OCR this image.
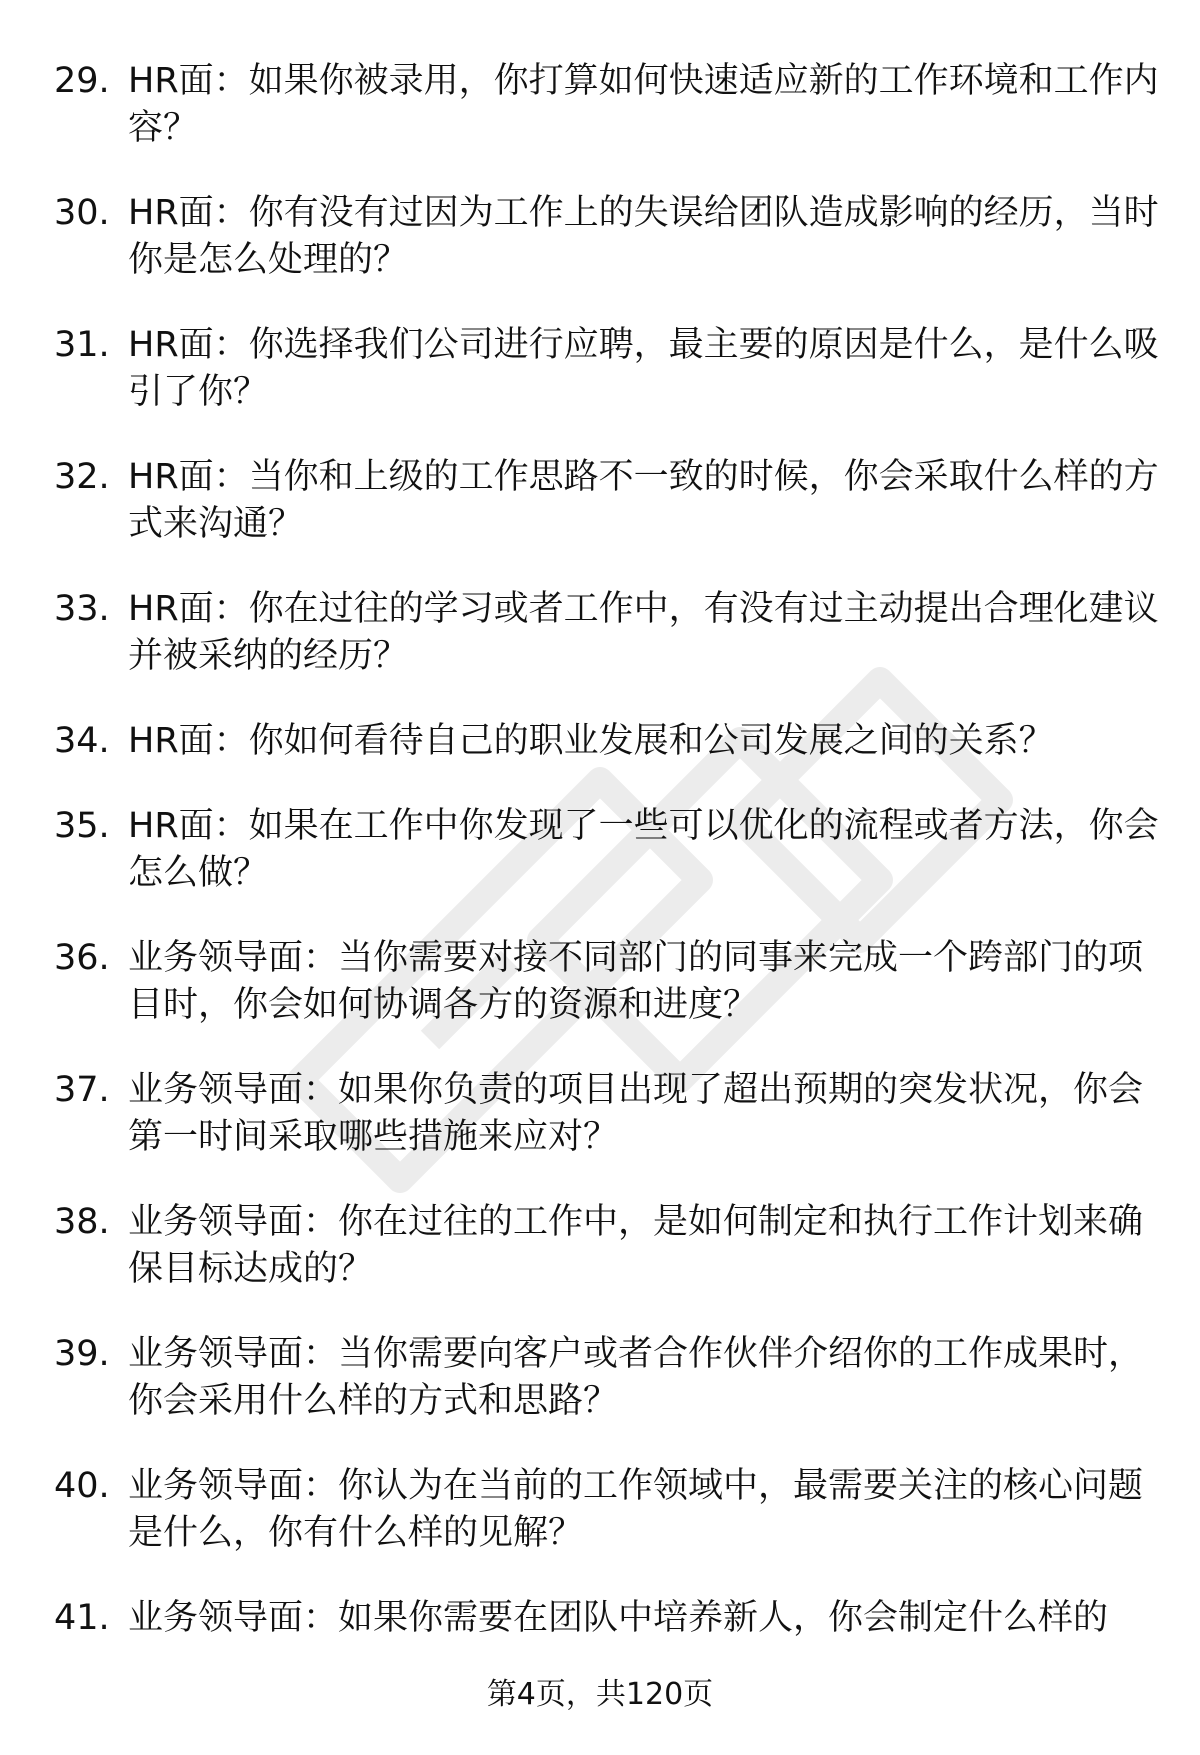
29. HR面：如果你被录用，你打算如何快速适应新的工作环境和工作内容？
30. HR面：你有没有过因为工作上的失误给团队造成影响的经历，当时你是怎么处理的？
31. HR面：你选择我们公司进行应聘，最主要的原因是什么，是什么吸引了你？
32. HR面：当你和上级的工作思路不一致的时候，你会采取什么样的方式来沟通？
33. HR面：你在过往的学习或者工作中，有没有过主动提出合理化建议并被采纳的经历？
34. HR面：你如何看待自己的职业发展和公司发展之间的关系？
35. HR面：如果在工作中你发现了一些可以优化的流程或者方法，你会怎么做？
36. 业务领导面：当你需要对接不同部门的同事来完成一个跨部门的项目时，你会如何协调各方的资源和进度？
37. 业务领导面：如果你负责的项目出现了超出预期的突发状况，你会第一时间采取哪些措施来应对？
38. 业务领导面：你在过往的工作中，是如何制定和执行工作计划来确保目标达成的？
39. 业务领导面：当你需要向客户或者合作伙伴介绍你的工作成果时，你会采用什么样的方式和思路？
40. 业务领导面：你认为在当前的工作领域中，最需要关注的核心问题是什么，你有什么样的见解？
41. 业务领导面：如果你需要在团队中培养新人，你会制定什么样的
第4页，共120页
